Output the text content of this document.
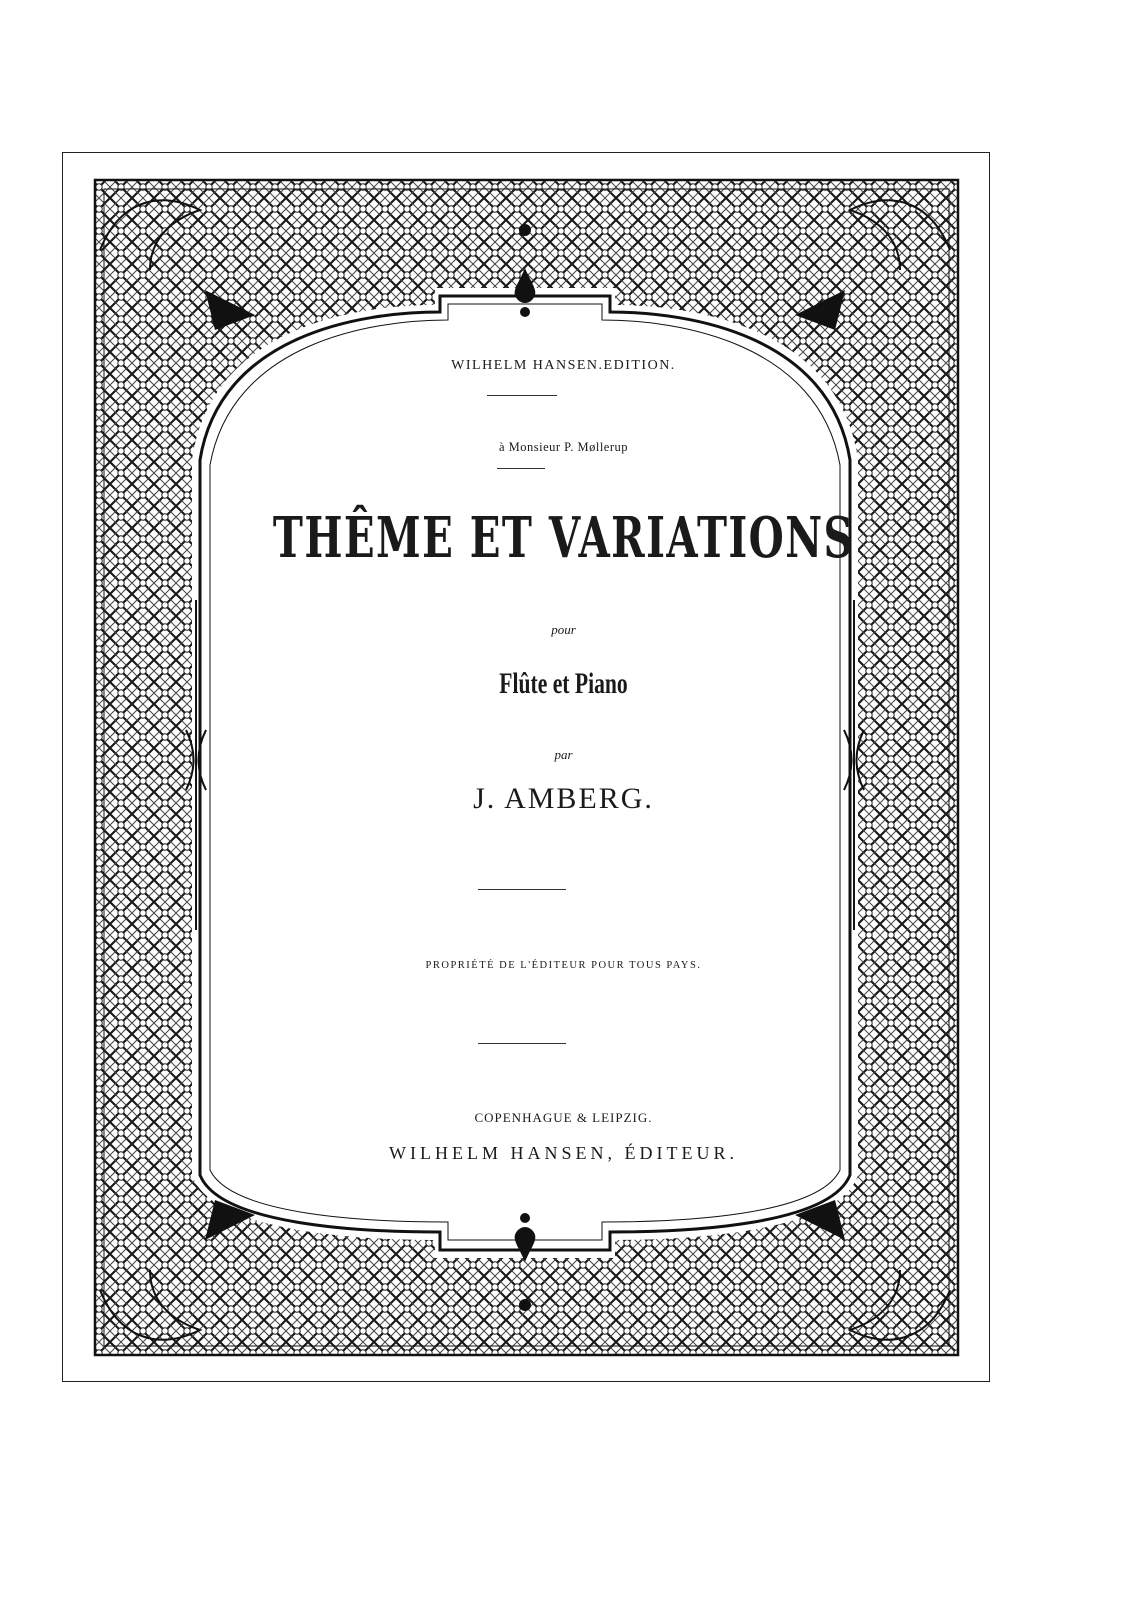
WILHELM HANSEN.EDITION.
à Monsieur P. Møllerup
THÊME ET VARIATIONS
pour
Flûte et Piano
par
J. AMBERG.
PROPRIÉTÉ DE L'ÉDITEUR POUR TOUS PAYS.
COPENHAGUE & LEIPZIG.
WILHELM HANSEN, ÉDITEUR.
